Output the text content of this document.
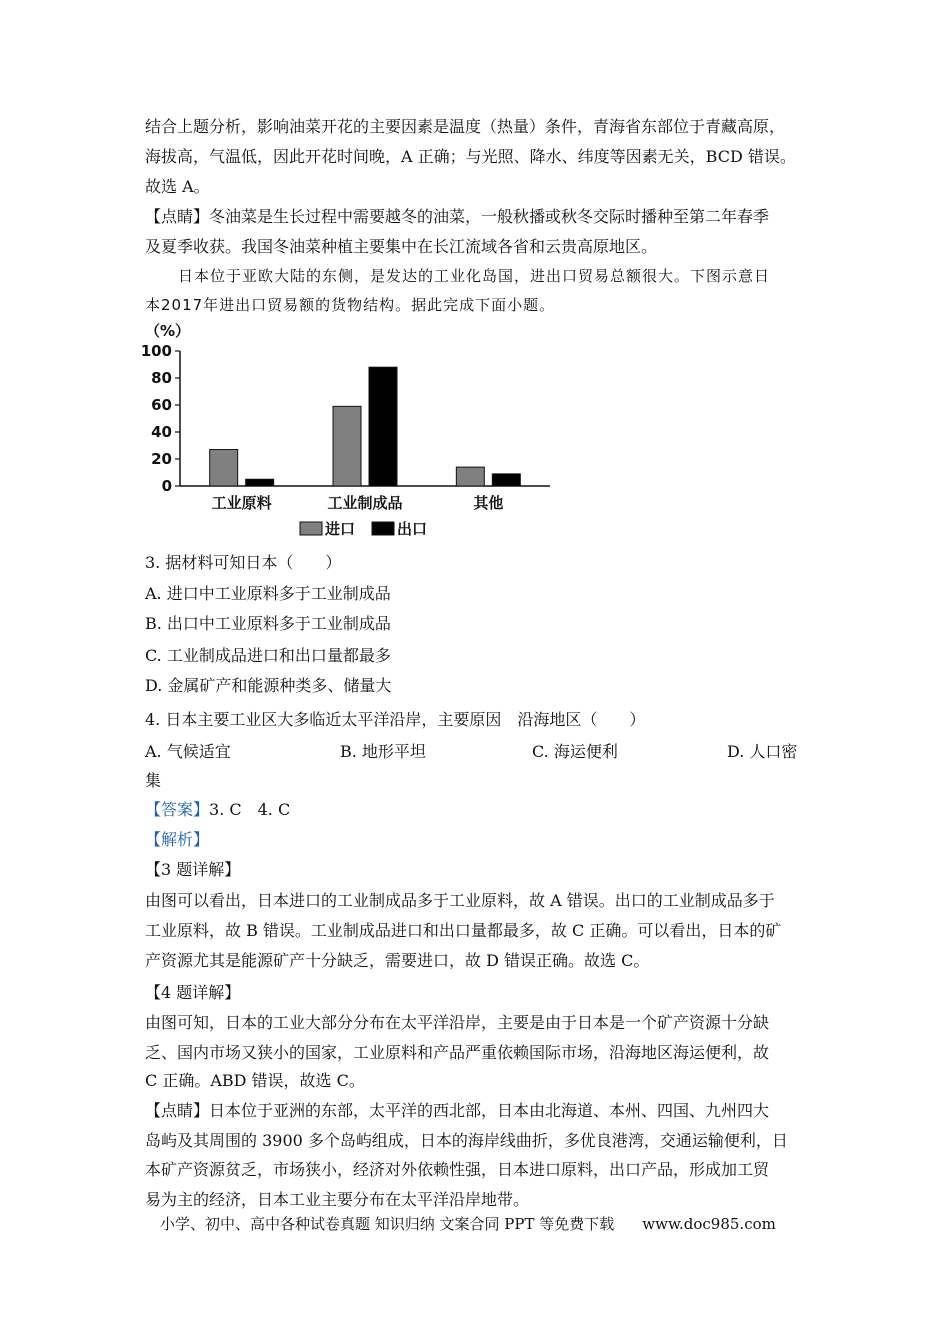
结合上题分析，影响油菜开花的主要因素是温度（热量）条件，青海省东部位于青藏高原，
海拔高，气温低，因此开花时间晚，A 正确；与光照、降水、纬度等因素无关，BCD 错误。
故选 A。
【点睛】冬油菜是生长过程中需要越冬的油菜，一般秋播或秋冬交际时播种至第二年春季
及夏季收获。我国冬油菜种植主要集中在长江流域各省和云贵高原地区。
日本位于亚欧大陆的东侧，是发达的工业化岛国，进出口贸易总额很大。下图示意日
本2017年进出口贸易额的货物结构。据此完成下面小题。
（%）
100
80
60
40
20
0
工业原料	工业制成品	其他
进口	出口
3. 据材料可知日本（　　）
A. 进口中工业原料多于工业制成品
B. 出口中工业原料多于工业制成品
C. 工业制成品进口和出口量都最多
D. 金属矿产和能源种类多、储量大
4. 日本主要工业区大多临近太平洋沿岸，主要原因　沿海地区（　　）
A. 气候适宜	B. 地形平坦	C. 海运便利	D. 人口密
集
【答案】3. C　4. C
【解析】
【3 题详解】
由图可以看出，日本进口的工业制成品多于工业原料，故 A 错误。出口的工业制成品多于
工业原料，故 B 错误。工业制成品进口和出口量都最多，故 C 正确。可以看出，日本的矿
产资源尤其是能源矿产十分缺乏，需要进口，故 D 错误正确。故选 C。
【4 题详解】
由图可知，日本的工业大部分分布在太平洋沿岸，主要是由于日本是一个矿产资源十分缺
乏、国内市场又狭小的国家，工业原料和产品严重依赖国际市场，沿海地区海运便利，故
C 正确。ABD 错误，故选 C。
【点睛】日本位于亚洲的东部，太平洋的西北部，日本由北海道、本州、四国、九州四大
岛屿及其周围的 3900 多个岛屿组成，日本的海岸线曲折，多优良港湾，交通运输便利，日
本矿产资源贫乏，市场狭小，经济对外依赖性强，日本进口原料，出口产品，形成加工贸
易为主的经济，日本工业主要分布在太平洋沿岸地带。
小学、初中、高中各种试卷真题 知识归纳 文案合同 PPT 等免费下载 www.doc985.com
